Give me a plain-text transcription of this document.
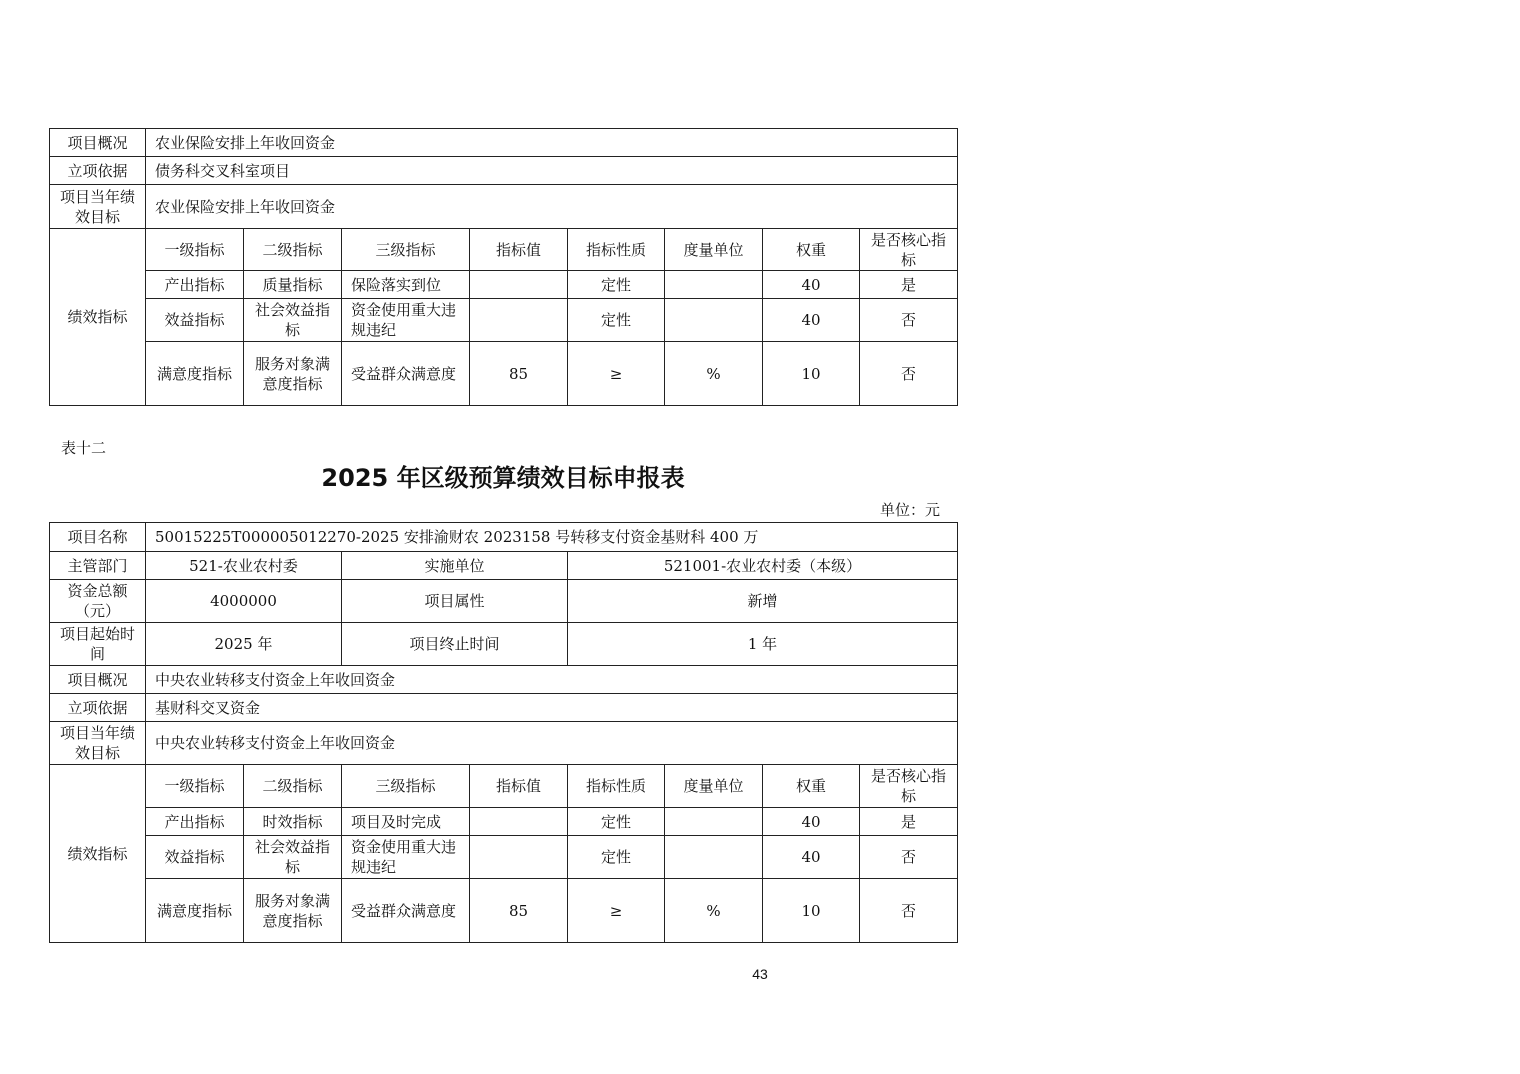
项目概况	农业保险安排上年收回资金							
立项依据	债务科交叉科室项目							
项目当年绩效目标	农业保险安排上年收回资金							
绩效指标	一级指标	二级指标	三级指标	指标值	指标性质	度量单位	权重	是否核心指标
	产出指标	质量指标	保险落实到位		定性		40	是
	效益指标	社会效益指标	资金使用重大违规违纪		定性		40	否
	满意度指标	服务对象满意度指标	受益群众满意度	85	≥	%	10	否
表十二
2025 年区级预算绩效目标申报表
单位：元
项目名称	50015225T000005012270-2025 安排渝财农 2023158 号转移支付资金基财科 400 万							
主管部门	521-农业农村委		实施单位		521001-农业农村委（本级）			
资金总额（元）	4000000		项目属性		新增			
项目起始时间	2025 年		项目终止时间		1 年			
项目概况	中央农业转移支付资金上年收回资金							
立项依据	基财科交叉资金							
项目当年绩效目标	中央农业转移支付资金上年收回资金							
绩效指标	一级指标	二级指标	三级指标	指标值	指标性质	度量单位	权重	是否核心指标
	产出指标	时效指标	项目及时完成		定性		40	是
	效益指标	社会效益指标	资金使用重大违规违纪		定性		40	否
	满意度指标	服务对象满意度指标	受益群众满意度	85	≥	%	10	否
43
